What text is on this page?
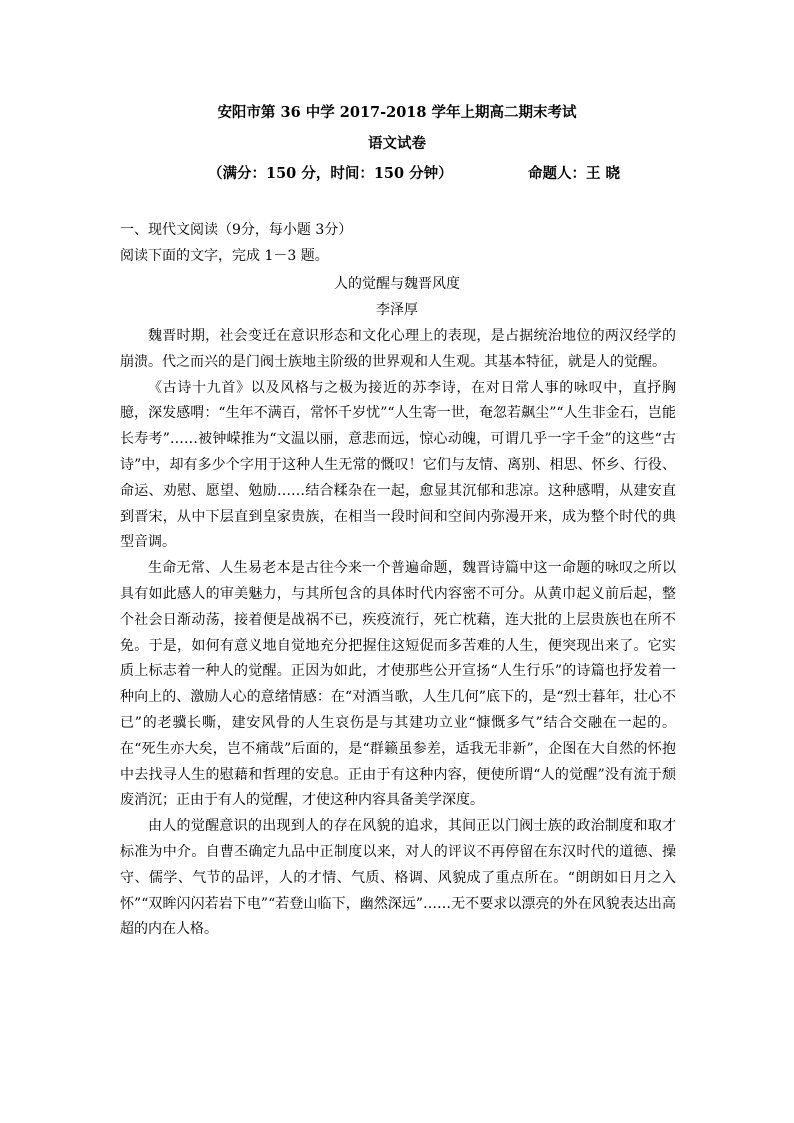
安阳市第 36 中学 2017-2018 学年上期高二期末考试
语文试卷
（满分：150 分，时间：150 分钟）	命题人：王 晓
一、现代文阅读（9分，每小题 3分）
阅读下面的文字，完成 1－3 题。
人的觉醒与魏晋风度
李泽厚

魏晋时期，社会变迁在意识形态和文化心理上的表现，是占据统治地位的两汉经学的崩溃。代之而兴的是门阀士族地主阶级的世界观和人生观。其基本特征，就是人的觉醒。

《古诗十九首》以及风格与之极为接近的苏李诗，在对日常人事的咏叹中，直抒胸臆，深发感喟：“生年不满百，常怀千岁忧”“人生寄一世，奄忽若飙尘”“人生非金石，岂能长寿考”……被钟嵘推为“文温以丽，意悲而远，惊心动魄，可谓几乎一字千金”的这些“古诗”中，却有多少个字用于这种人生无常的慨叹！它们与友情、离别、相思、怀乡、行役、命运、劝慰、愿望、勉励……结合糅杂在一起，愈显其沉郁和悲凉。这种感喟，从建安直到晋宋，从中下层直到皇家贵族，在相当一段时间和空间内弥漫开来，成为整个时代的典型音调。

生命无常、人生易老本是古往今来一个普遍命题，魏晋诗篇中这一命题的咏叹之所以具有如此感人的审美魅力，与其所包含的具体时代内容密不可分。从黄巾起义前后起，整个社会日渐动荡，接着便是战祸不已，疾疫流行，死亡枕藉，连大批的上层贵族也在所不免。于是，如何有意义地自觉地充分把握住这短促而多苦难的人生，便突现出来了。它实质上标志着一种人的觉醒。正因为如此，才使那些公开宣扬“人生行乐”的诗篇也抒发着一种向上的、激励人心的意绪情感：在“对酒当歌，人生几何”底下的，是“烈士暮年，壮心不已”的老骥长嘶，建安风骨的人生哀伤是与其建功立业“慷慨多气”结合交融在一起的。在“死生亦大矣，岂不痛哉”后面的，是“群籁虽参差，适我无非新”，企图在大自然的怀抱中去找寻人生的慰藉和哲理的安息。正由于有这种内容，便使所谓“人的觉醒”没有流于颓废消沉；正由于有人的觉醒，才使这种内容具备美学深度。

由人的觉醒意识的出现到人的存在风貌的追求，其间正以门阀士族的政治制度和取才标准为中介。自曹丕确定九品中正制度以来，对人的评议不再停留在东汉时代的道德、操守、儒学、气节的品评，人的才情、气质、格调、风貌成了重点所在。“朗朗如日月之入怀”“双眸闪闪若岩下电”“若登山临下，幽然深远”……无不要求以漂亮的外在风貌表达出高超的内在人格。
